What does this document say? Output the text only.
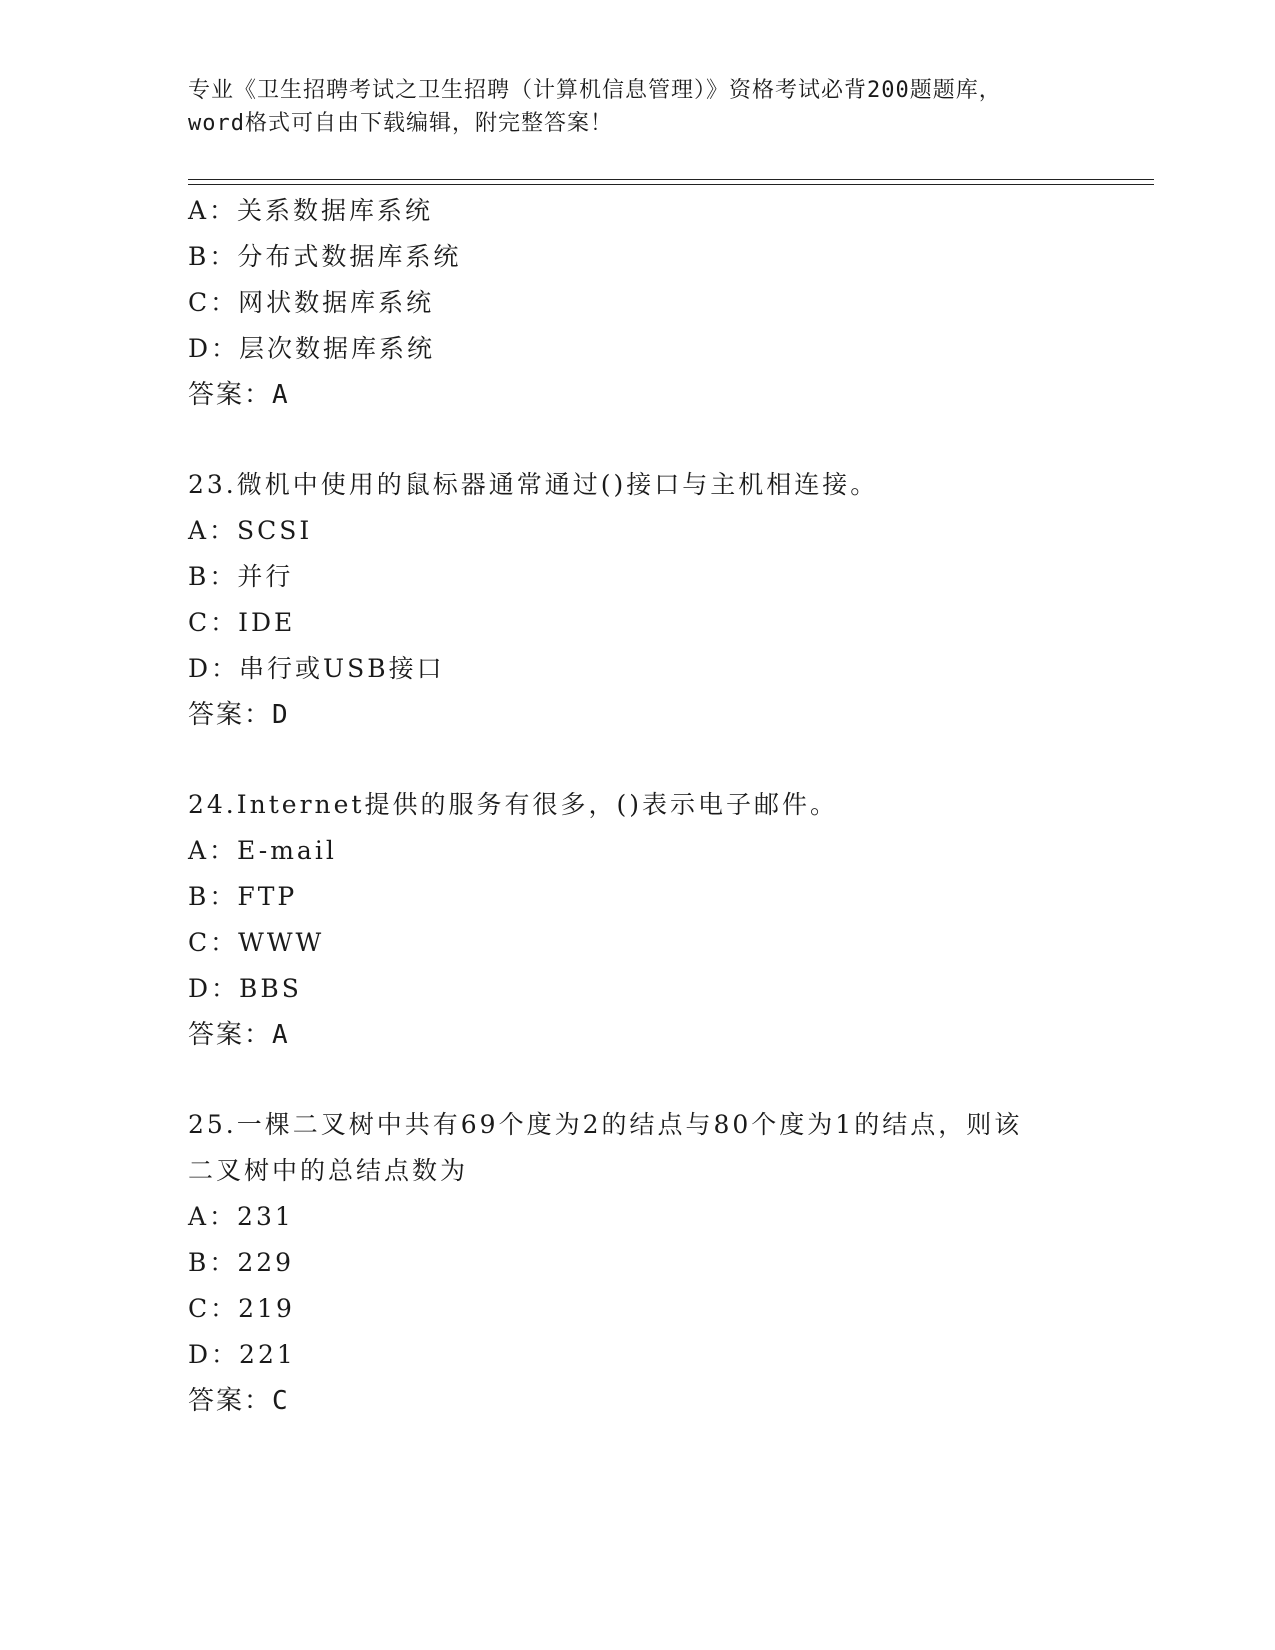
专业《卫生招聘考试之卫生招聘（计算机信息管理）》资格考试必背200题题库，
word格式可自由下载编辑，附完整答案！
A：关系数据库系统
B：分布式数据库系统
C：网状数据库系统
D：层次数据库系统
答案：A
23.微机中使用的鼠标器通常通过()接口与主机相连接。
A：SCSI
B：并行
C：IDE
D：串行或USB接口
答案：D
24.Internet提供的服务有很多，()表示电子邮件。
A：E-mail
B：FTP
C：WWW
D：BBS
答案：A
25.一棵二叉树中共有69个度为2的结点与80个度为1的结点，则该
二叉树中的总结点数为
A：231
B：229
C：219
D：221
答案：C
